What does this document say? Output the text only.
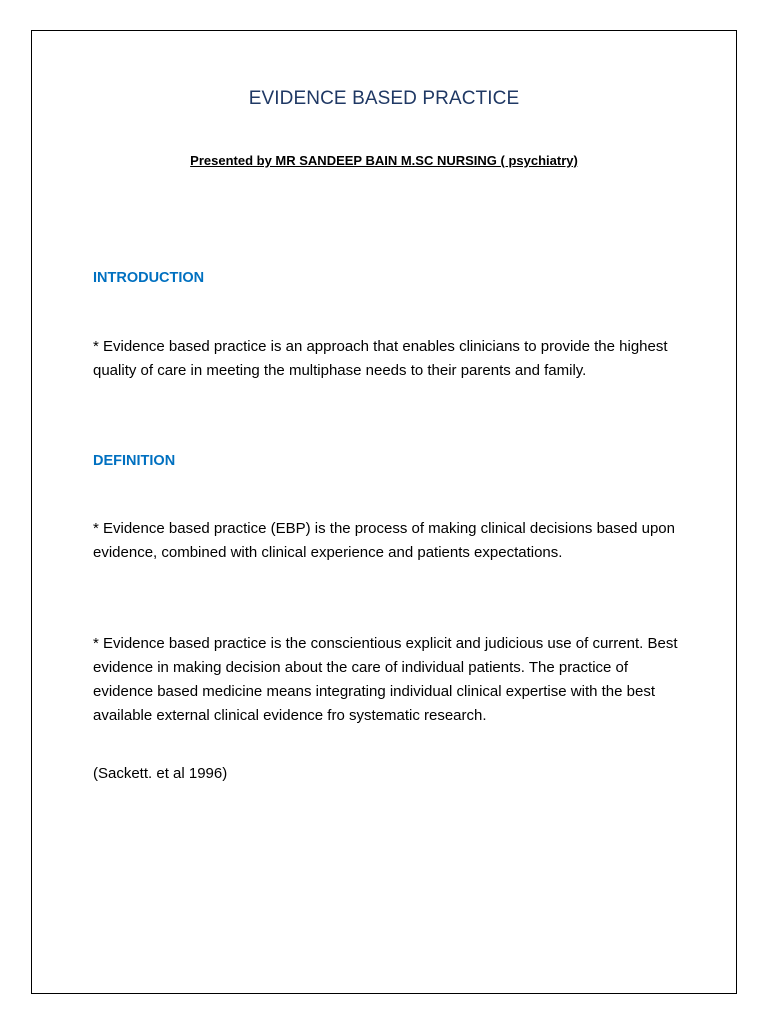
EVIDENCE BASED PRACTICE

Presented by MR SANDEEP BAIN M.SC NURSING ( psychiatry)

INTRODUCTION

* Evidence based practice is an approach that enables clinicians to provide the highest quality of care in meeting the multiphase needs to their parents and family.

DEFINITION

* Evidence based practice (EBP) is the process of making clinical decisions based upon evidence, combined with clinical experience and patients expectations.

* Evidence based practice is the conscientious explicit and judicious use of current. Best evidence in making decision about the care of individual patients. The practice of evidence based medicine means integrating individual clinical expertise with the best available external clinical evidence fro systematic research.

(Sackett. et al 1996)
